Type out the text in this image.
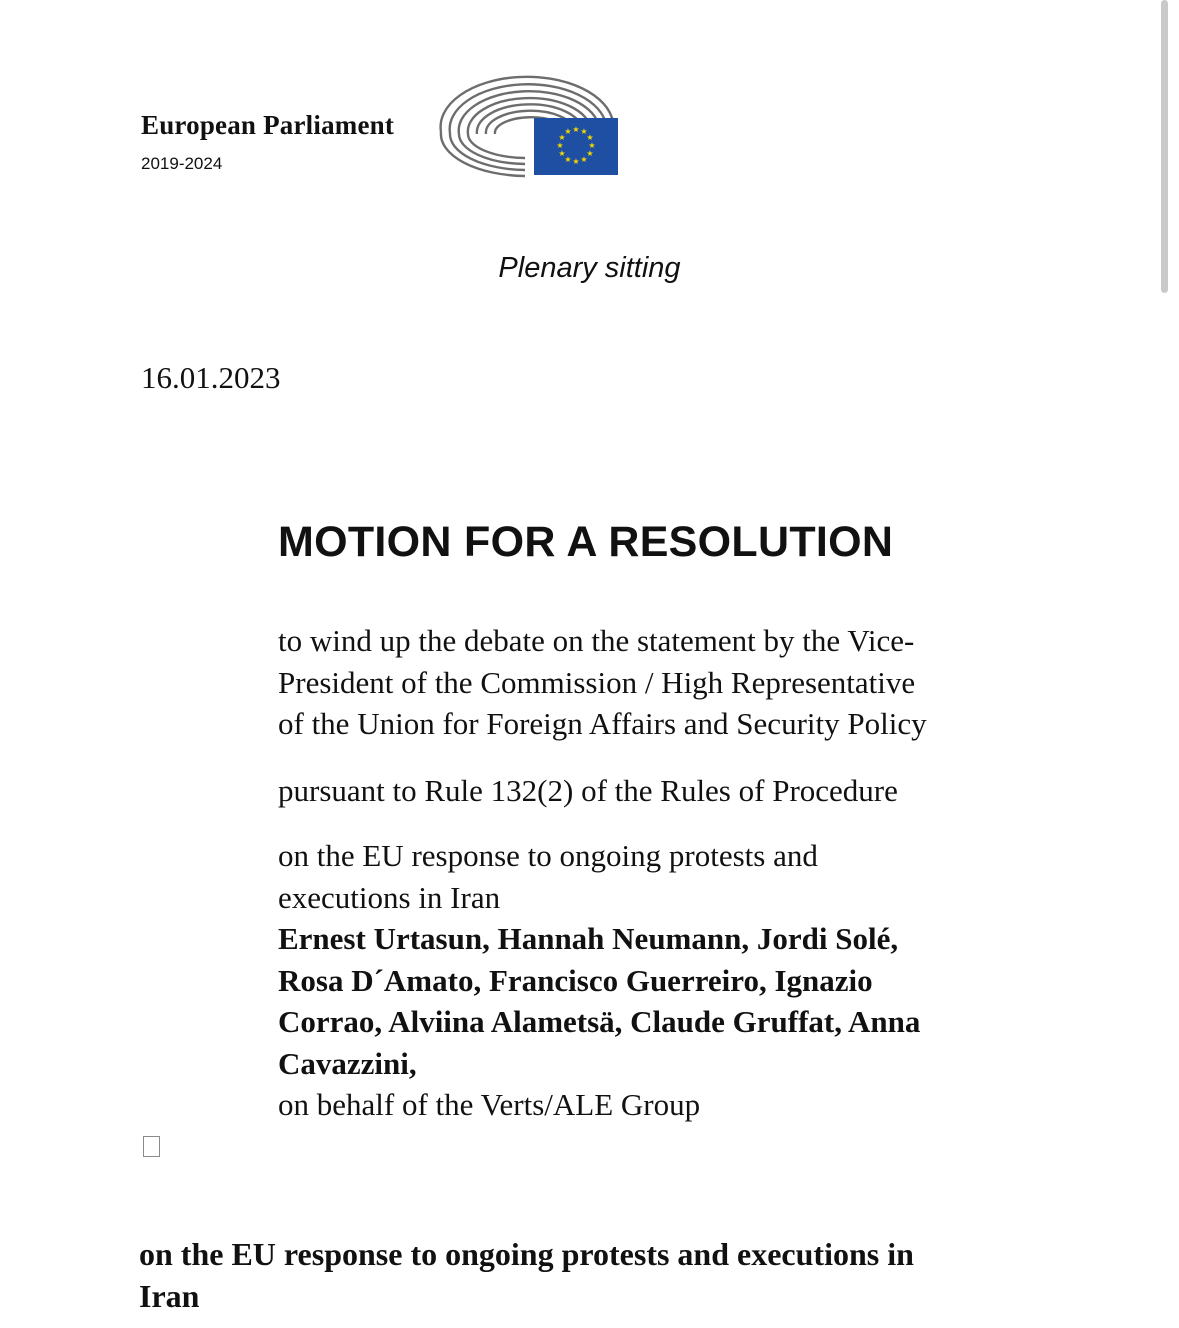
European Parliament
2019-2024
★ ★
★
★
★
★
★
★
★
★
★
★
Plenary sitting
16.01.2023
MOTION FOR A RESOLUTION

to wind up the debate on the statement by the Vice-
President of the Commission / High Representative
of the Union for Foreign Affairs and Security Policy

pursuant to Rule 132(2) of the Rules of Procedure

on the EU response to ongoing protests and
executions in Iran
Ernest Urtasun, Hannah Neumann, Jordi Solé,
Rosa D´Amato, Francisco Guerreiro, Ignazio
Corrao, Alviina Alametsä, Claude Gruffat, Anna
Cavazzini,
on behalf of the Verts/ALE Group

on the EU response to ongoing protests and executions in
Iran
